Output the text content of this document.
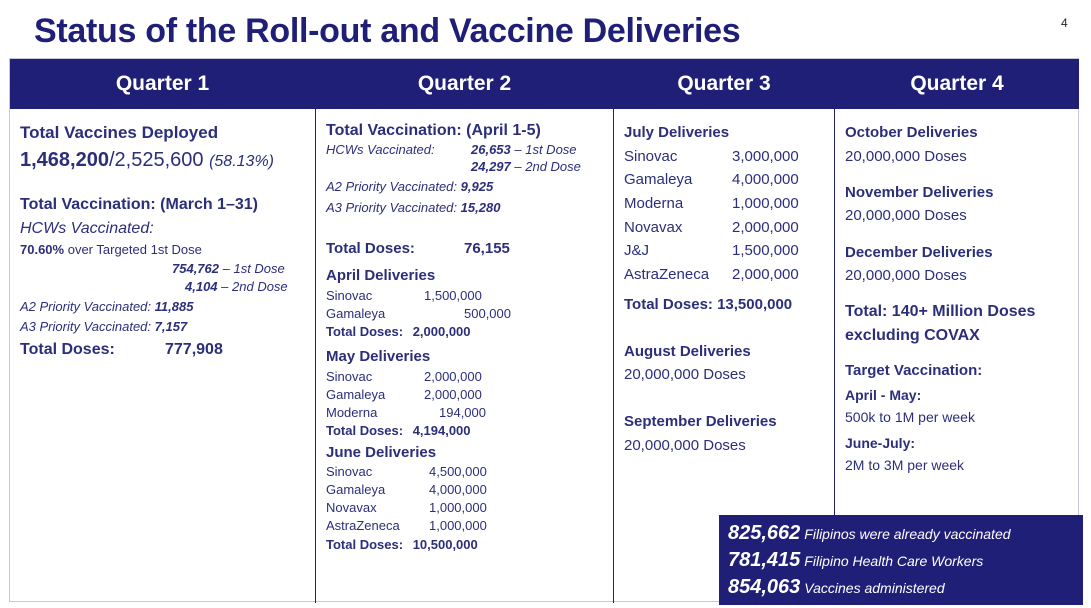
Status of the Roll-out and Vaccine Deliveries	4
Quarter 1	Quarter 2	Quarter 3	Quarter 4
Total Vaccines Deployed
1,468,200/2,525,600 (58.13%)
Total Vaccination: (March 1–31)
HCWs Vaccinated:
70.60% over Targeted 1st Dose
754,762 – 1st Dose
4,104 – 2nd Dose
A2 Priority Vaccinated: 11,885
A3 Priority Vaccinated: 7,157
Total Doses:	777,908
Total Vaccination: (April 1-5)
HCWs Vaccinated:	26,653 – 1st Dose
24,297 – 2nd Dose
A2 Priority Vaccinated: 9,925
A3 Priority Vaccinated: 15,280
Total Doses:	76,155
April Deliveries
Sinovac	1,500,000
Gamaleya	500,000
Total Doses: 2,000,000
May Deliveries
Sinovac	2,000,000
Gamaleya	2,000,000
Moderna	194,000
Total Doses: 4,194,000
June Deliveries
Sinovac	4,500,000
Gamaleya	4,000,000
Novavax	1,000,000
AstraZeneca 1,000,000
Total Doses: 10,500,000
July Deliveries
Sinovac	3,000,000
Gamaleya	4,000,000
Moderna	1,000,000
Novavax	2,000,000
J&J	1,500,000
AstraZeneca 2,000,000
Total Doses: 13,500,000
August Deliveries
20,000,000 Doses
September Deliveries
20,000,000 Doses
October Deliveries
20,000,000 Doses
November Deliveries
20,000,000 Doses
December Deliveries
20,000,000 Doses
Total: 140+ Million Doses
excluding COVAX
Target Vaccination:
April - May:
500k to 1M per week
June-July:
2M to 3M per week
825,662 Filipinos were already vaccinated
781,415 Filipino Health Care Workers
854,063 Vaccines administered
